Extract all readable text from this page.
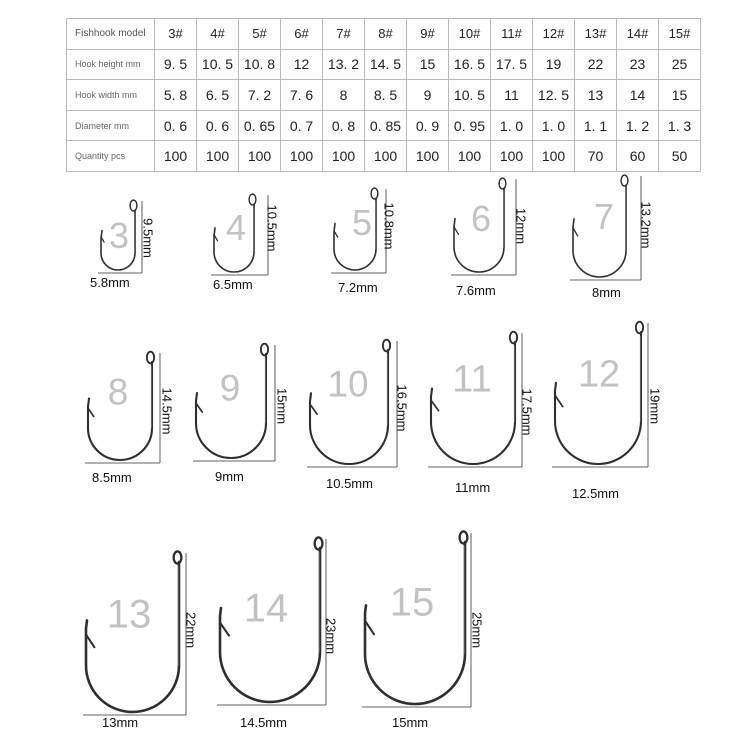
Fishhook model	3#	4#	5#	6#	7#	8#	9#	10#	11#	12#	13#	14#	15#
Hook height mm	9. 5	10. 5	10. 8	12	13. 2	14. 5	15	16. 5	17. 5	19	22	23	25
Hook width mm	5. 8	6. 5	7. 2	7. 6	8	8. 5	9	10. 5	11	12. 5	13	14	15
Diameter mm	0. 6	0. 6	0. 65	0. 7	0. 8	0. 85	0. 9	0. 95	1. 0	1. 0	1. 1	1. 2	1. 3
Quantity pcs	100	100	100	100	100	100	100	100	100	100	70	60	50
3 9.5mm
5.8mm
4 10.5mm
6.5mm
5 10.8mm
7.2mm
6 12mm
7.6mm
7 13.2mm
8mm
8 14.5mm
8.5mm
9	15mm
9mm
10
16.5mm
10.5mm
11
17.5mm
11mm
12
19mm
12.5mm
13 22mm
13mm
14
23mm
14.5mm
15
25mm
15mm
